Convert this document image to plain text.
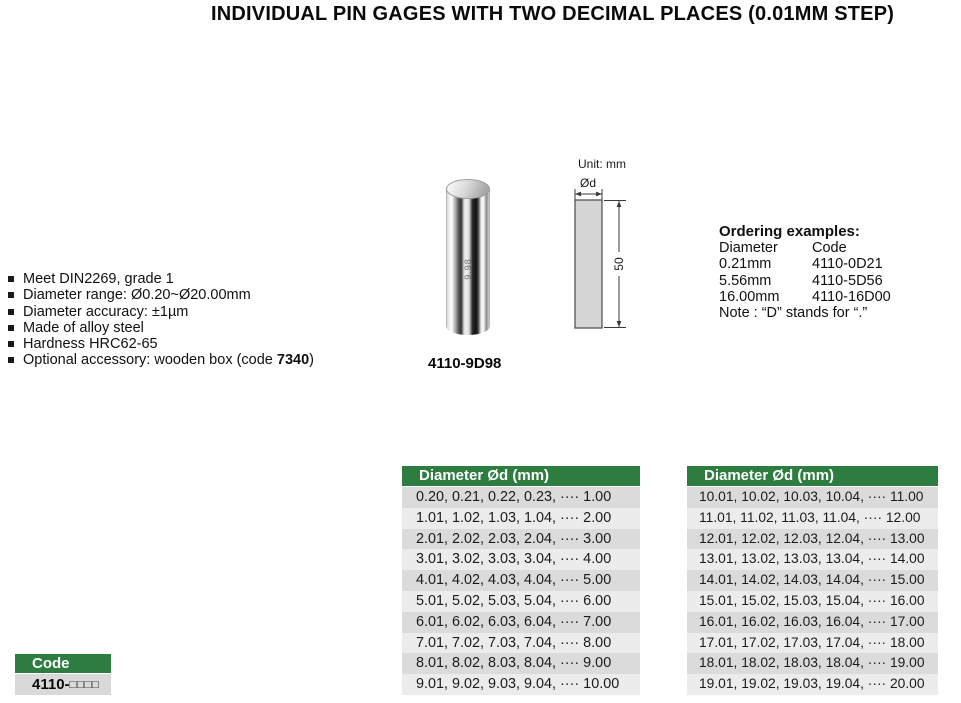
INDIVIDUAL PIN GAGES WITH TWO DECIMAL PLACES (0.01MM STEP)
Meet DIN2269, grade 1
Diameter range: Ø0.20~Ø20.00mm
Diameter accuracy: ±1µm
Made of alloy steel
Hardness HRC62-65
Optional accessory: wooden box (code 7340)
9.98
4110-9D98
Unit: mm
Ød
50
Ordering examples:
Diameter Code
0.21mm	4110-0D21
5.56mm	4110-5D56
16.00mm 4110-16D00
Note : “D” stands for “.”
Diameter Ød (mm)
0.20, 0.21, 0.22, 0.23, ···· 1.00
1.01, 1.02, 1.03, 1.04, ···· 2.00
2.01, 2.02, 2.03, 2.04, ···· 3.00
3.01, 3.02, 3.03, 3.04, ···· 4.00
4.01, 4.02, 4.03, 4.04, ···· 5.00
5.01, 5.02, 5.03, 5.04, ···· 6.00
6.01, 6.02, 6.03, 6.04, ···· 7.00
7.01, 7.02, 7.03, 7.04, ···· 8.00
8.01, 8.02, 8.03, 8.04, ···· 9.00
9.01, 9.02, 9.03, 9.04, ···· 10.00
Diameter Ød (mm)
10.01, 10.02, 10.03, 10.04, ···· 11.00
11.01, 11.02, 11.03, 11.04, ···· 12.00
12.01, 12.02, 12.03, 12.04, ···· 13.00
13.01, 13.02, 13.03, 13.04, ···· 14.00
14.01, 14.02, 14.03, 14.04, ···· 15.00
15.01, 15.02, 15.03, 15.04, ···· 16.00
16.01, 16.02, 16.03, 16.04, ···· 17.00
17.01, 17.02, 17.03, 17.04, ···· 18.00
18.01, 18.02, 18.03, 18.04, ···· 19.00
19.01, 19.02, 19.03, 19.04, ···· 20.00
Code
4110-□□□□
